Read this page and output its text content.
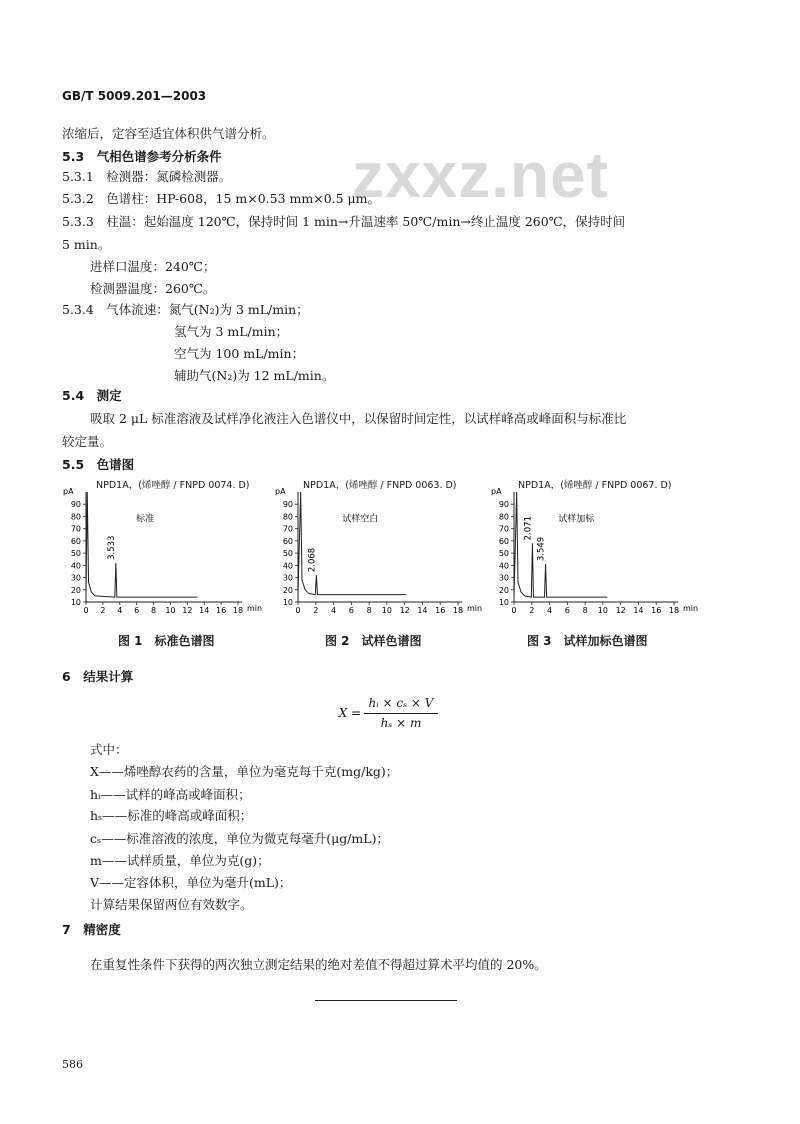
GB/T 5009.201—2003
zxxz.net
浓缩后，定容至适宜体积供气谱分析。
5.3　气相色谱参考分析条件
5.3.1　检测器：氮磷检测器。
5.3.2　色谱柱：HP-608，15 m×0.53 mm×0.5 μm。
5.3.3　柱温：起始温度 120℃，保持时间 1 min→升温速率 50℃/min→终止温度 260℃，保持时间
5 min。
进样口温度：240℃；
检测器温度：260℃。
5.3.4　气体流速：氮气(N₂)为 3 mL/min；
氢气为 3 mL/min；
空气为 100 mL/min；
辅助气(N₂)为 12 mL/min。
5.4　测定
吸取 2 μL 标准溶液及试样净化液注入色谱仪中，以保留时间定性，以试样峰高或峰面积与标准比
较定量。
5.5　色谱图
NPD1A，(烯唑醇 / FNPD 0074. D)	NPD1A，(烯唑醇 / FNPD 0063. D)	NPD1A，(烯唑醇 / FNPD 0067. D)
pA
10
20
30
40
50
60
70
80
90
0 2 4 6 8 10 12 14 16 18 min
3.533
标准
pA
10
20
30
40
50
60
70
80
90
0 2 4 6 8 10 12 14 16 18 min
2.068
试样空白
pA
10
20
30
40
50
60
70
80
90
0 2 4 6 8 10 12 14 16 18 min
2.071
3.549
试样加标
图 1　标准色谱图	图 2　试样色谱图	图 3　试样加标色谱图
6　结果计算
X =
hᵢ × cₛ × V
hₛ × m
式中：
X——烯唑醇农药的含量，单位为毫克每千克(mg/kg)；
hᵢ——试样的峰高或峰面积；
hₛ——标准的峰高或峰面积；
cₛ——标准溶液的浓度，单位为微克每毫升(μg/mL)；
m——试样质量，单位为克(g)；
V——定容体积，单位为毫升(mL)；
计算结果保留两位有效数字。
7　精密度
在重复性条件下获得的两次独立测定结果的绝对差值不得超过算术平均值的 20%。
586
